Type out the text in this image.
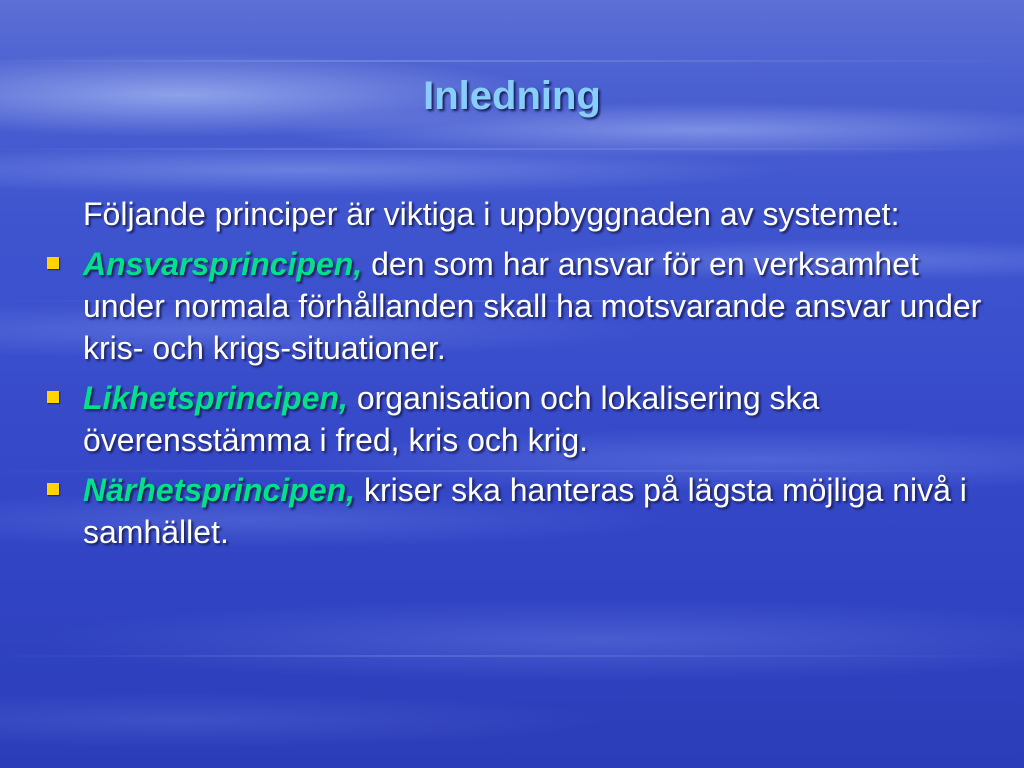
Inledning

Följande principer är viktiga i uppbyggnaden av systemet:

Ansvarsprincipen, den som har ansvar för en verksamhet under normala förhållanden skall ha motsvarande ansvar under kris- och krigs-situationer.
Likhetsprincipen, organisation och lokalisering ska överensstämma i fred, kris och krig.
Närhetsprincipen, kriser ska hanteras på lägsta möjliga nivå i samhället.
